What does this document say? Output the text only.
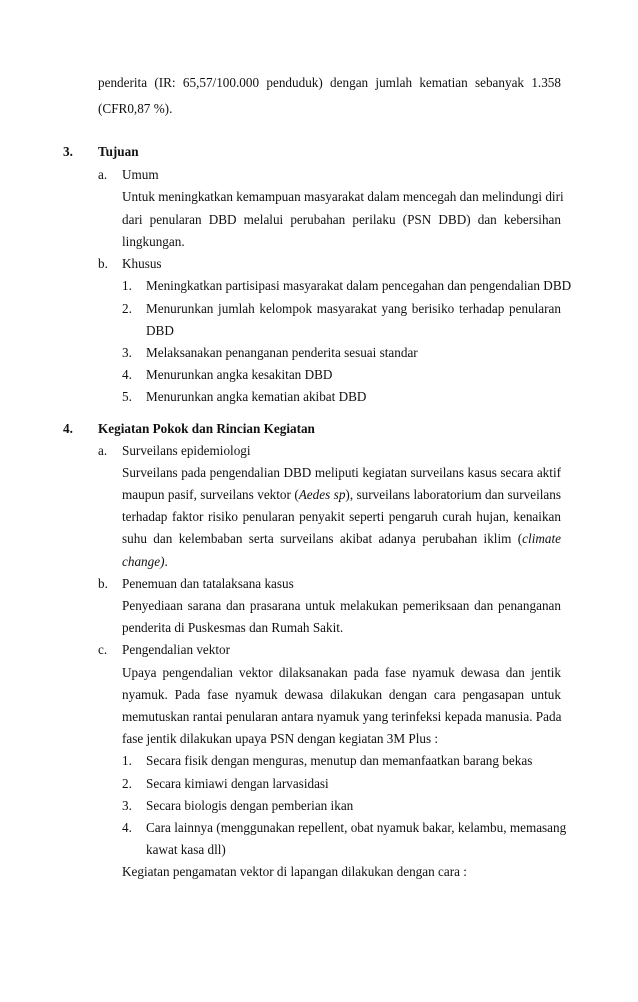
penderita (IR: 65,57/100.000 penduduk) dengan jumlah kematian sebanyak 1.358
(CFR0,87 %).
3. Tujuan
a. Umum
Untuk meningkatkan kemampuan masyarakat dalam mencegah dan melindungi diri
dari penularan DBD melalui perubahan perilaku (PSN DBD) dan kebersihan
lingkungan.
b. Khusus
1. Meningkatkan partisipasi masyarakat dalam pencegahan dan pengendalian DBD
2. Menurunkan jumlah kelompok masyarakat yang berisiko terhadap penularan
DBD
3. Melaksanakan penanganan penderita sesuai standar
4. Menurunkan angka kesakitan DBD
5. Menurunkan angka kematian akibat DBD
4. Kegiatan Pokok dan Rincian Kegiatan
a. Surveilans epidemiologi
Surveilans pada pengendalian DBD meliputi kegiatan surveilans kasus secara aktif
maupun pasif, surveilans vektor (Aedes sp), surveilans laboratorium dan surveilans
terhadap faktor risiko penularan penyakit seperti pengaruh curah hujan, kenaikan
suhu dan kelembaban serta surveilans akibat adanya perubahan iklim (climate
change).
b. Penemuan dan tatalaksana kasus
Penyediaan sarana dan prasarana untuk melakukan pemeriksaan dan penanganan
penderita di Puskesmas dan Rumah Sakit.
c. Pengendalian vektor
Upaya pengendalian vektor dilaksanakan pada fase nyamuk dewasa dan jentik
nyamuk. Pada fase nyamuk dewasa dilakukan dengan cara pengasapan untuk
memutuskan rantai penularan antara nyamuk yang terinfeksi kepada manusia. Pada
fase jentik dilakukan upaya PSN dengan kegiatan 3M Plus :
1. Secara fisik dengan menguras, menutup dan memanfaatkan barang bekas
2. Secara kimiawi dengan larvasidasi
3. Secara biologis dengan pemberian ikan
4. Cara lainnya (menggunakan repellent, obat nyamuk bakar, kelambu, memasang
kawat kasa dll)
Kegiatan pengamatan vektor di lapangan dilakukan dengan cara :
